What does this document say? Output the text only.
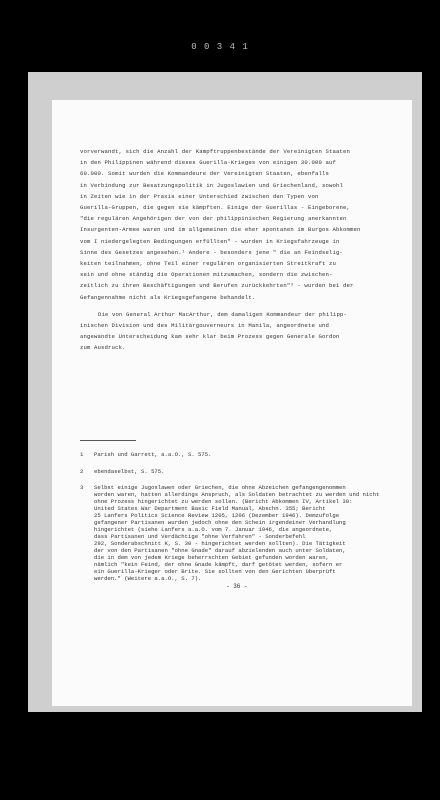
0 0 3 4 1
vorverwandt, sich die Anzahl der Kampftruppenbestände der Vereinigten Staaten
in den Philippinen während dieses Guerilla-Krieges von einigen 30.000 auf
60.000. Somit wurden die Kommandeure der Vereinigten Staaten, ebenfalls
in Verbindung zur Besatzungspolitik in Jugoslawien und Griechenland, sowohl
in Zeiten wie in der Praxis einer Unterschied zwischen den Typen von
Guerilla-Gruppen, die gegen sie kämpften. Einige der Guerillas - Eingeborene,
"die regulären Angehörigen der von der philippinischen Regierung anerkannten
Insurgenten-Armee waren und im allgemeinen die eher spontanen im Burgos Abkommen
vom I niedergelegten Bedingungen erfüllten" - wurden in Kriegsfahrzeuge in
Sinne des Gesetzes angesehen.¹ Andere - besonders jene " die an Feindselig-
keiten teilnahmen, ohne Teil einer regulären organisierten Streitkraft zu
sein und ohne ständig die Operationen mitzumachen, sondern die zwischen-
zeitlich zu ihren Beschäftigungen und Berufen zurückkehrten"² - wurden bei der
Gefangennahme nicht als Kriegsgefangene behandelt.
Die von General Arthur MacArthur, dem damaligen Kommandeur der philipp-
inischen Division und des Militärgouverneurs in Manila, angeordnete und
angewandte Unterscheidung kam sehr klar beim Prozess gegen Generale Gordon
zum Ausdruck.
1 Parish und Garrett, a.a.O., S. 575.
2 ebendaselbst, S. 575.
3 Selbst einige Jugoslawen oder Griechen, die ohne Abzeichen gefangengenommen
worden waren, hatten allerdings Anspruch, als Soldaten betrachtet zu werden und nicht
ohne Prozess hingerichtet zu werden sollen. (Bericht Abkommen IV, Artikel 30:
United States War Department Basic Field Manual, Abschn. 355; Bericht
25 Lanfers Politics Science Review 1205, 1206 (Dezember 1946). Demzufolge
gefangener Partisanen wurden jedoch ohne den Schein irgendeiner Verhandlung
hingerichtet (siehe Lanfers a.a.O. vom 7. Januar 1946, die angeordnete,
dass Partisanen und Verdächtige "ohne Verfahren" - Sonderbefehl
292, Sonderabschnitt K, S. 30 - hingerichtet werden sollten). Die Tätigkeit
der von den Partisanen "ohne Gnade" darauf abzielenden auch unter Soldaten,
die in dem von jedem Kriege beherrschten Gebiet gefunden worden waren,
nämlich "kein Feind, der ohne Gnade kämpft, darf getötet werden, sofern er
ein Guerilla-Krieger oder Brite. Sie sollten von den Gerichten überprüft
werden." (Weitere a.a.O., S. 7).
- 36 -
